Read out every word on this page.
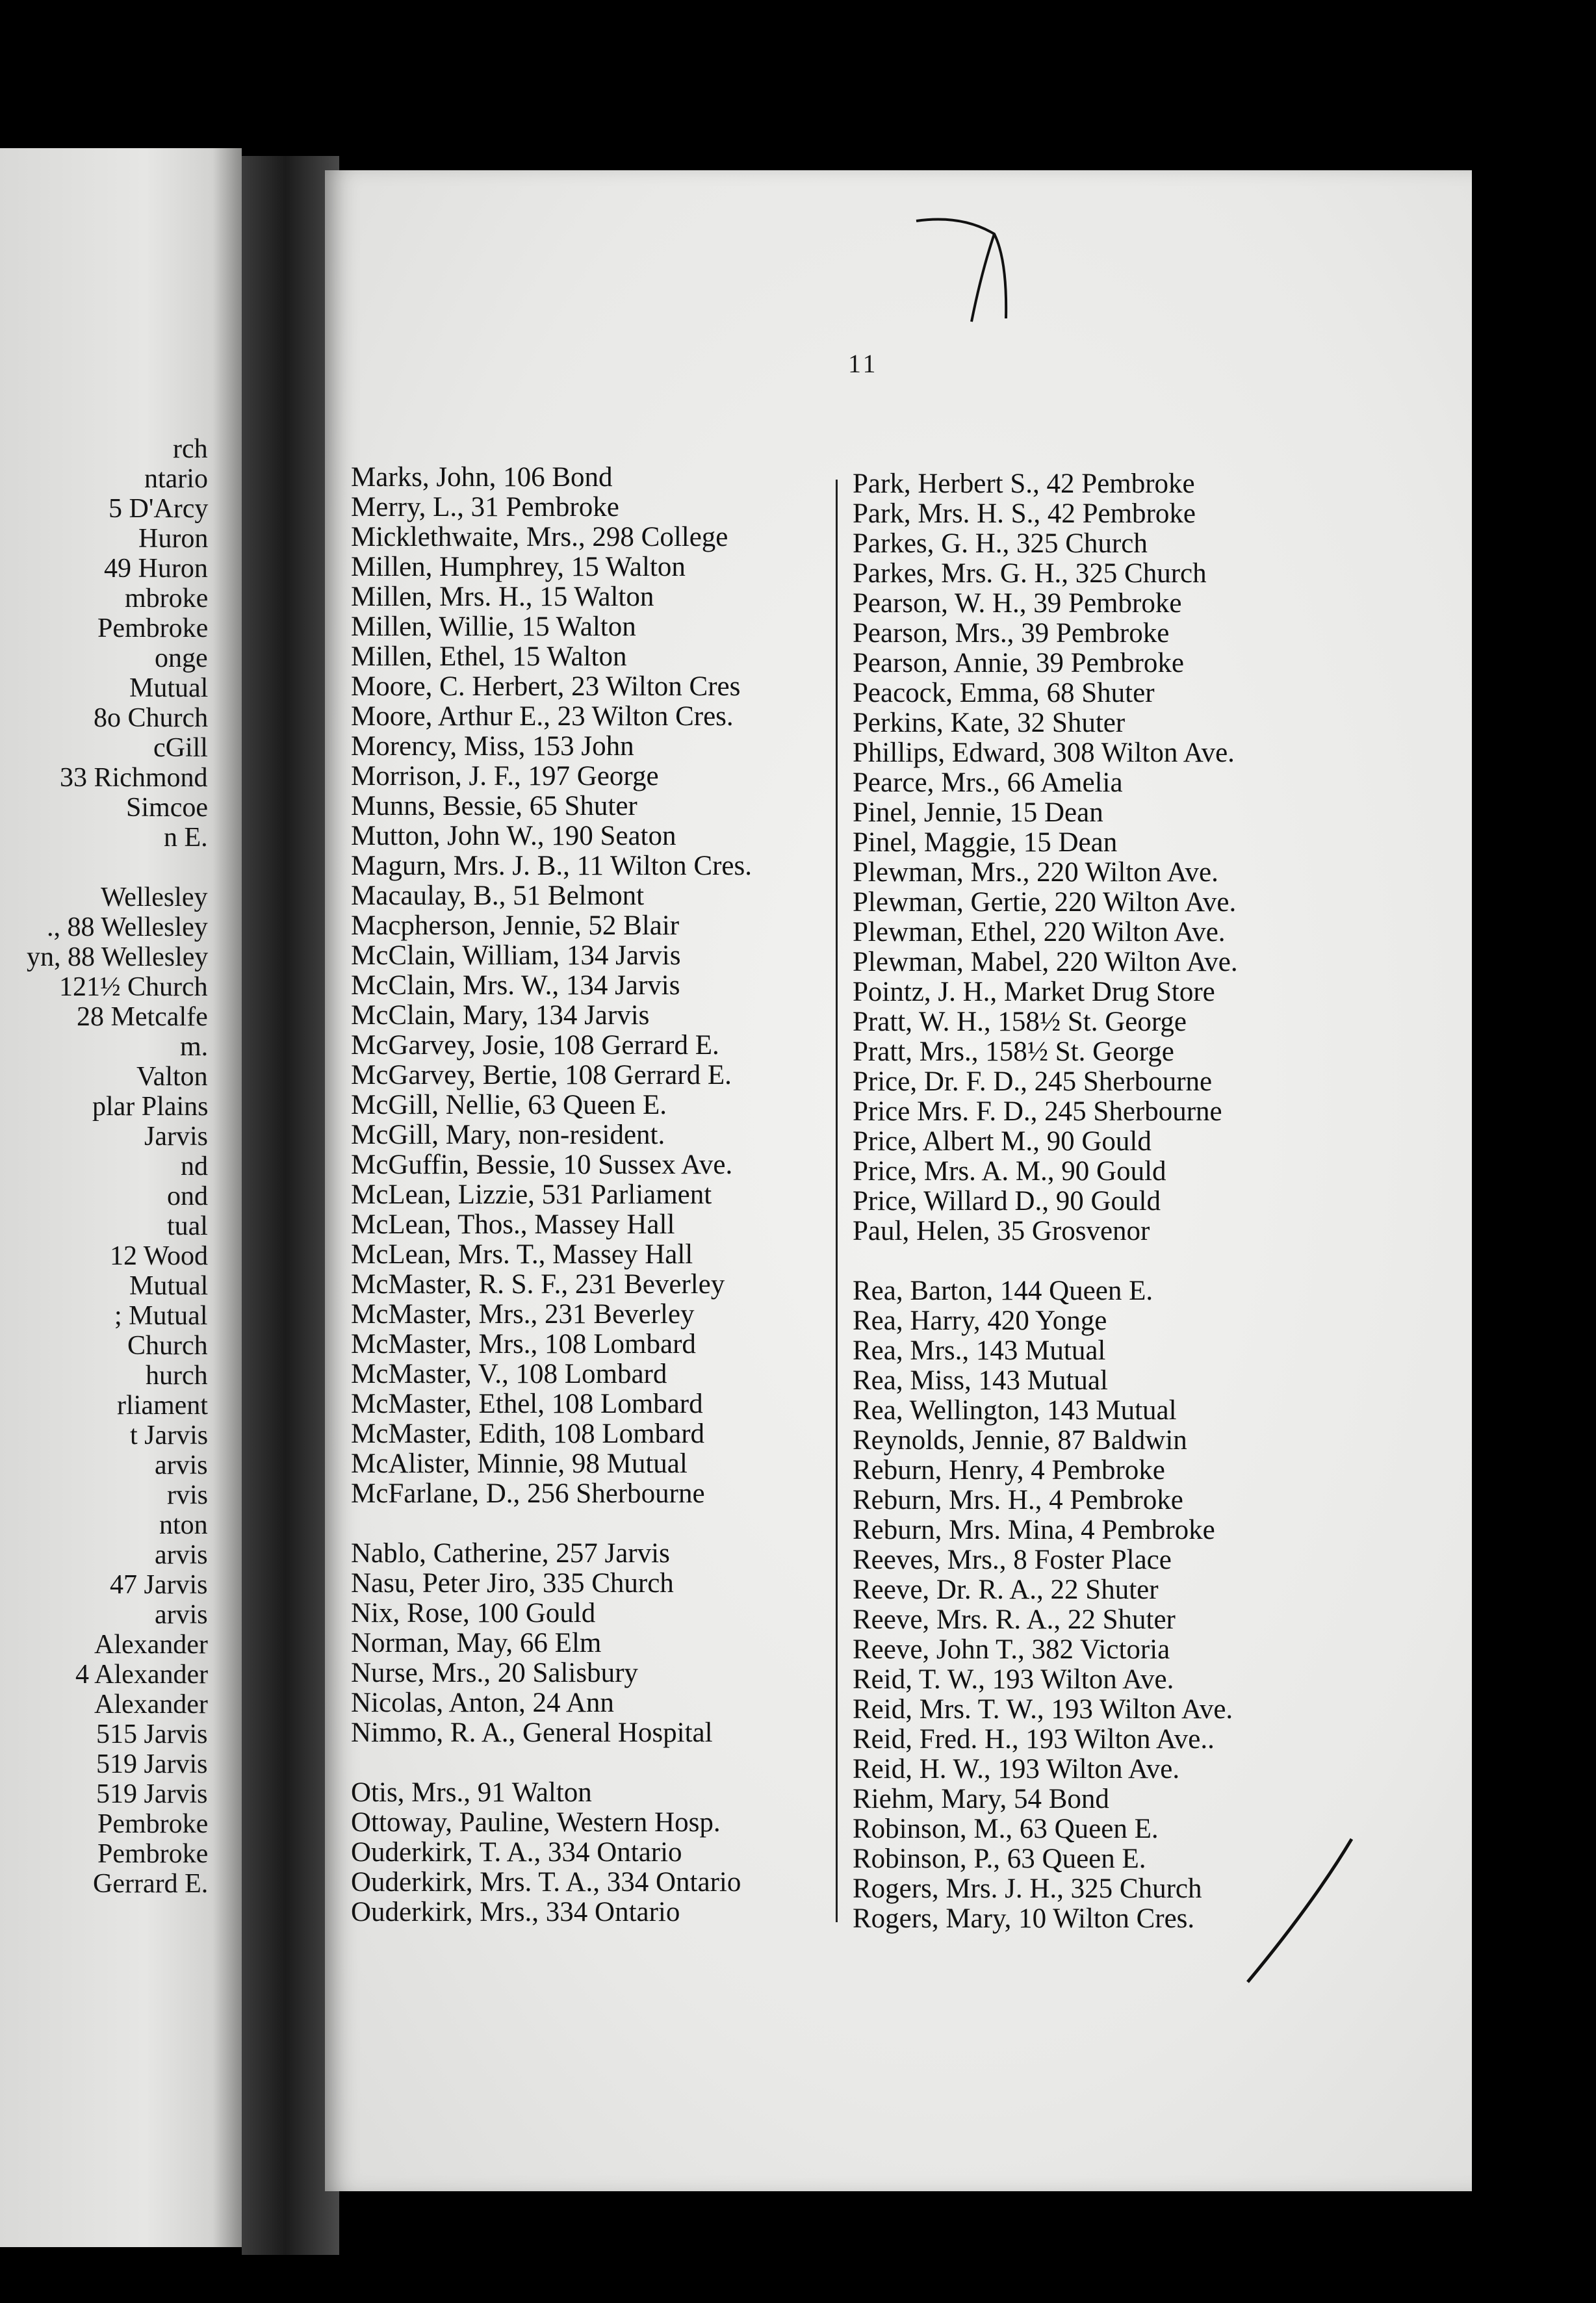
rch
ntario
5 D'Arcy
Huron
49 Huron
mbroke
Pembroke
onge
Mutual
8o Church
cGill
33 Richmond
Simcoe
n E.
Wellesley
., 88 Wellesley
yn, 88 Wellesley
121½ Church
28 Metcalfe
m.
Valton
plar Plains
Jarvis
nd
ond
tual
12 Wood
Mutual
; Mutual
Church
hurch
rliament
t Jarvis
arvis
rvis
nton
arvis
47 Jarvis
arvis
Alexander
4 Alexander
Alexander
515 Jarvis
519 Jarvis
519 Jarvis
Pembroke
Pembroke
Gerrard E.
11
Marks, John, 106 Bond
Merry, L., 31 Pembroke
Micklethwaite, Mrs., 298 College
Millen, Humphrey, 15 Walton
Millen, Mrs. H., 15 Walton
Millen, Willie, 15 Walton
Millen, Ethel, 15 Walton
Moore, C. Herbert, 23 Wilton Cres
Moore, Arthur E., 23 Wilton Cres.
Morency, Miss, 153 John
Morrison, J. F., 197 George
Munns, Bessie, 65 Shuter
Mutton, John W., 190 Seaton
Magurn, Mrs. J. B., 11 Wilton Cres.
Macaulay, B., 51 Belmont
Macpherson, Jennie, 52 Blair
McClain, William, 134 Jarvis
McClain, Mrs. W., 134 Jarvis
McClain, Mary, 134 Jarvis
McGarvey, Josie, 108 Gerrard E.
McGarvey, Bertie, 108 Gerrard E.
McGill, Nellie, 63 Queen E.
McGill, Mary, non-resident.
McGuffin, Bessie, 10 Sussex Ave.
McLean, Lizzie, 531 Parliament
McLean, Thos., Massey Hall
McLean, Mrs. T., Massey Hall
McMaster, R. S. F., 231 Beverley
McMaster, Mrs., 231 Beverley
McMaster, Mrs., 108 Lombard
McMaster, V., 108 Lombard
McMaster, Ethel, 108 Lombard
McMaster, Edith, 108 Lombard
McAlister, Minnie, 98 Mutual
McFarlane, D., 256 Sherbourne
Nablo, Catherine, 257 Jarvis
Nasu, Peter Jiro, 335 Church
Nix, Rose, 100 Gould
Norman, May, 66 Elm
Nurse, Mrs., 20 Salisbury
Nicolas, Anton, 24 Ann
Nimmo, R. A., General Hospital
Otis, Mrs., 91 Walton
Ottoway, Pauline, Western Hosp.
Ouderkirk, T. A., 334 Ontario
Ouderkirk, Mrs. T. A., 334 Ontario
Ouderkirk, Mrs., 334 Ontario
Park, Herbert S., 42 Pembroke
Park, Mrs. H. S., 42 Pembroke
Parkes, G. H., 325 Church
Parkes, Mrs. G. H., 325 Church
Pearson, W. H., 39 Pembroke
Pearson, Mrs., 39 Pembroke
Pearson, Annie, 39 Pembroke
Peacock, Emma, 68 Shuter
Perkins, Kate, 32 Shuter
Phillips, Edward, 308 Wilton Ave.
Pearce, Mrs., 66 Amelia
Pinel, Jennie, 15 Dean
Pinel, Maggie, 15 Dean
Plewman, Mrs., 220 Wilton Ave.
Plewman, Gertie, 220 Wilton Ave.
Plewman, Ethel, 220 Wilton Ave.
Plewman, Mabel, 220 Wilton Ave.
Pointz, J. H., Market Drug Store
Pratt, W. H., 158½ St. George
Pratt, Mrs., 158½ St. George
Price, Dr. F. D., 245 Sherbourne
Price Mrs. F. D., 245 Sherbourne
Price, Albert M., 90 Gould
Price, Mrs. A. M., 90 Gould
Price, Willard D., 90 Gould
Paul, Helen, 35 Grosvenor
Rea, Barton, 144 Queen E.
Rea, Harry, 420 Yonge
Rea, Mrs., 143 Mutual
Rea, Miss, 143 Mutual
Rea, Wellington, 143 Mutual
Reynolds, Jennie, 87 Baldwin
Reburn, Henry, 4 Pembroke
Reburn, Mrs. H., 4 Pembroke
Reburn, Mrs. Mina, 4 Pembroke
Reeves, Mrs., 8 Foster Place
Reeve, Dr. R. A., 22 Shuter
Reeve, Mrs. R. A., 22 Shuter
Reeve, John T., 382 Victoria
Reid, T. W., 193 Wilton Ave.
Reid, Mrs. T. W., 193 Wilton Ave.
Reid, Fred. H., 193 Wilton Ave..
Reid, H. W., 193 Wilton Ave.
Riehm, Mary, 54 Bond
Robinson, M., 63 Queen E.
Robinson, P., 63 Queen E.
Rogers, Mrs. J. H., 325 Church
Rogers, Mary, 10 Wilton Cres.
